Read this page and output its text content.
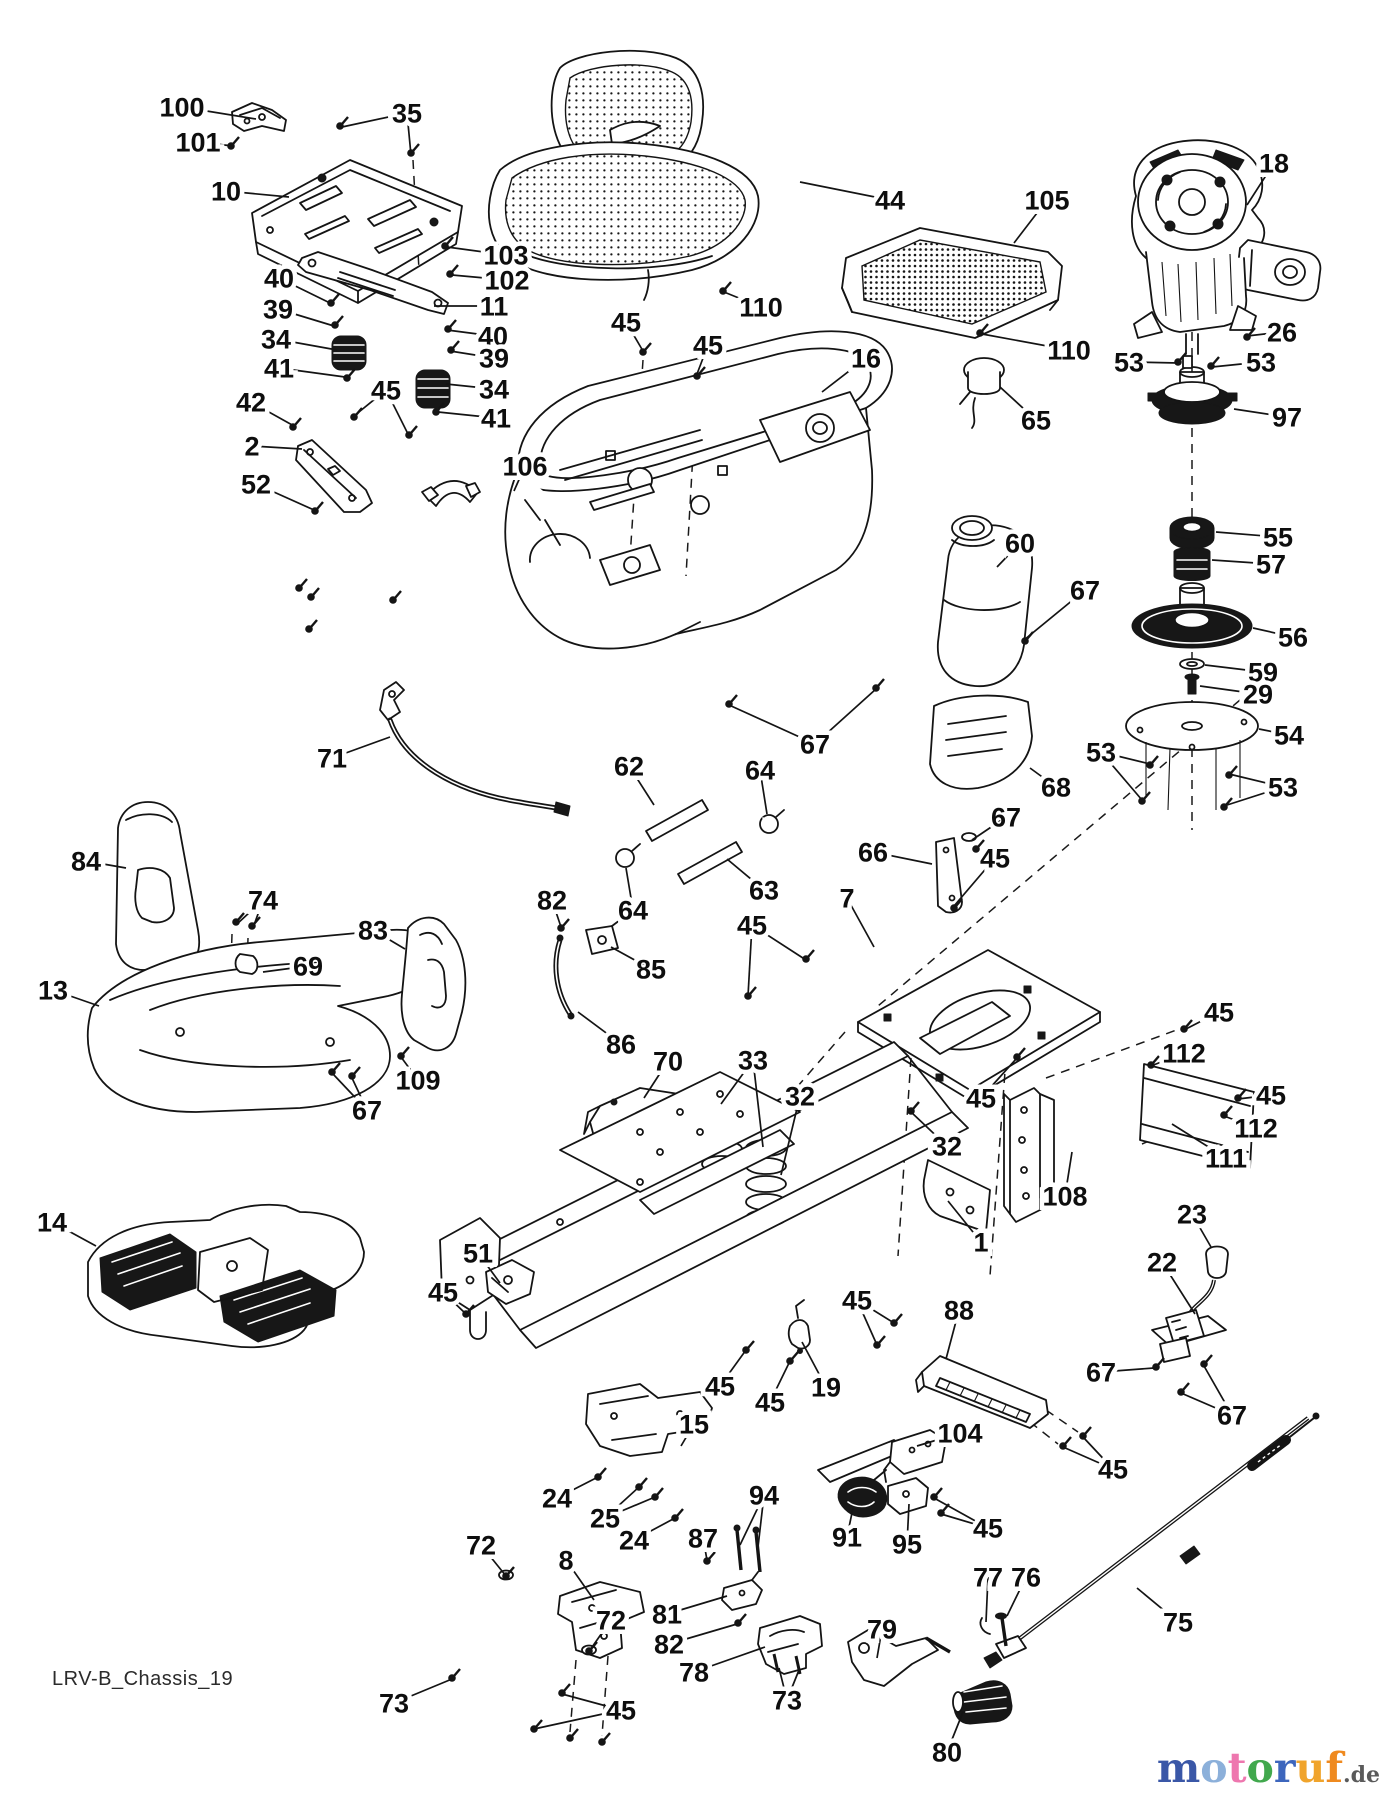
100
101
10
35
40
39
34
41
42	45
2
52
103
102
11
40
39
34
41
106
45
45	16
44
110
18
105
110
65
26
53	53
97
55
57
56
59
29
54
53
53
60
67
68
67
45
66
67
62	64
63
64
82
85
86
70 33
32
7
45
71
45
112
45
45
112
111
108
32
1
23
22
67
67
88
104
45
91 95
45
94
87
81
82
78
79
73
73	45
72 8
72
24
25
24
15
19
45
45
45
51
45
77 76
75
80
84
74
83
69
13
109
67
14
LRV-B_Chassis_19
motoruf.de
